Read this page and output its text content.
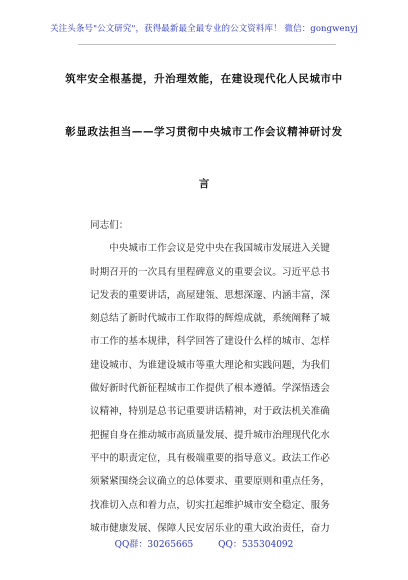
关注头条号"公文研究"，获得最新最全最专业的公文资料库！ 微信：gongwenyj
筑牢安全根基提，升治理效能，在建设现代化人民城市中
彰显政法担当——学习贯彻中央城市工作会议精神研讨发
言
同志们：
　　中央城市工作会议是党中央在我国城市发展进入关键
时期召开的一次具有里程碑意义的重要会议。习近平总书
记发表的重要讲话，高屋建瓴、思想深邃、内涵丰富，深
刻总结了新时代城市工作取得的辉煌成就，系统阐释了城
市工作的基本规律，科学回答了建设什么样的城市、怎样
建设城市、为谁建设城市等重大理论和实践问题，为我们
做好新时代新征程城市工作提供了根本遵循。学深悟透会
议精神，特别是总书记重要讲话精神，对于政法机关准确
把握自身在推动城市高质量发展、提升城市治理现代化水
平中的职责定位，具有极端重要的指导意义。政法工作必
须紧紧围绕会议确立的总体要求、重要原则和重点任务，
找准切入点和着力点，切实扛起维护城市安全稳定、服务
城市健康发展、保障人民安居乐业的重大政治责任，奋力
QQ群：30265665	QQ：535304092
